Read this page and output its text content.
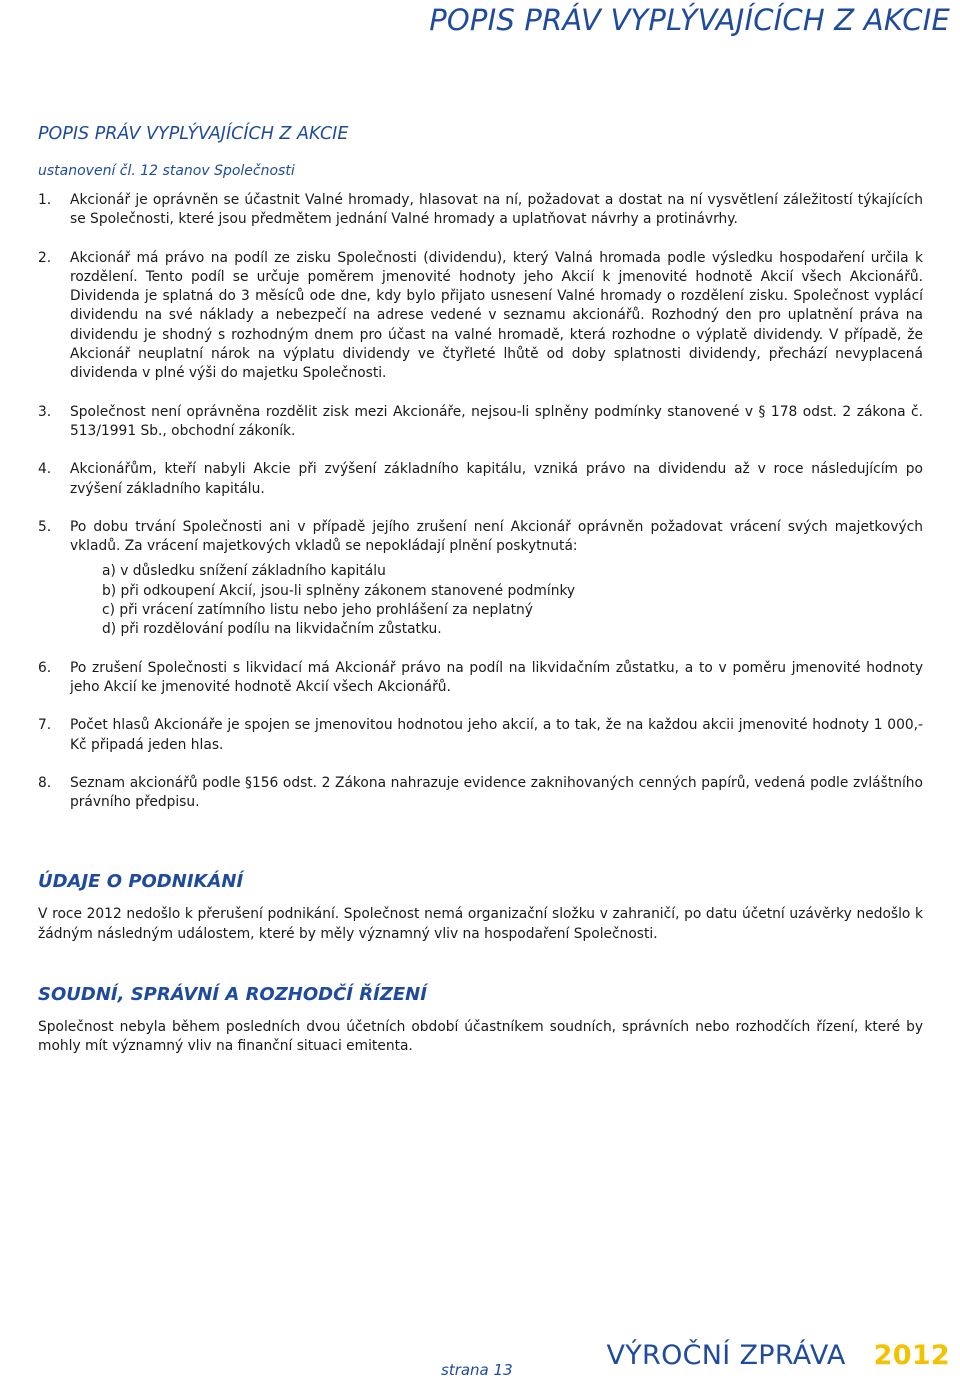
POPIS PRÁV VYPLÝVAJÍCÍCH Z AKCIE
POPIS PRÁV VYPLÝVAJÍCÍCH Z AKCIE
ustanovení čl. 12 stanov Společnosti
1. Akcionář je oprávněn se účastnit Valné hromady, hlasovat na ní, požadovat a dostat na ní vysvětlení záležitostí týkajících se Společnosti, které jsou předmětem jednání Valné hromady a uplatňovat návrhy a protinávrhy.
2. Akcionář má právo na podíl ze zisku Společnosti (dividendu), který Valná hromada podle výsledku hospodaření určila k rozdělení. Tento podíl se určuje poměrem jmenovité hodnoty jeho Akcií k jmenovité hodnotě Akcií všech Akcionářů. Dividenda je splatná do 3 měsíců ode dne, kdy bylo přijato usnesení Valné hromady o rozdělení zisku. Společnost vyplácí dividendu na své náklady a nebezpečí na adrese vedené v seznamu akcionářů. Rozhodný den pro uplatnění práva na dividendu je shodný s rozhodným dnem pro účast na valné hromadě, která rozhodne o výplatě dividendy. V případě, že Akcionář neuplatní nárok na výplatu dividendy ve čtyřleté lhůtě od doby splatnosti dividendy, přechází nevyplacená dividenda v plné výši do majetku Společnosti.
3. Společnost není oprávněna rozdělit zisk mezi Akcionáře, nejsou-li splněny podmínky stanovené v § 178 odst. 2 zákona č. 513/1991 Sb., obchodní zákoník.
4. Akcionářům, kteří nabyli Akcie při zvýšení základního kapitálu, vzniká právo na dividendu až v roce následujícím po zvýšení základního kapitálu.
5. Po dobu trvání Společnosti ani v případě jejího zrušení není Akcionář oprávněn požadovat vrácení svých majetkových vkladů. Za vrácení majetkových vkladů se nepokládají plnění poskytnutá:
a) v důsledku snížení základního kapitálu
b) při odkoupení Akcií, jsou-li splněny zákonem stanovené podmínky
c) při vrácení zatímního listu nebo jeho prohlášení za neplatný
d) při rozdělování podílu na likvidačním zůstatku.
6. Po zrušení Společnosti s likvidací má Akcionář právo na podíl na likvidačním zůstatku, a to v poměru jmenovité hodnoty jeho Akcií ke jmenovité hodnotě Akcií všech Akcionářů.
7. Počet hlasů Akcionáře je spojen se jmenovitou hodnotou jeho akcií, a to tak, že na každou akcii jmenovité hodnoty 1 000,- Kč připadá jeden hlas.
8. Seznam akcionářů podle §156 odst. 2 Zákona nahrazuje evidence zaknihovaných cenných papírů, vedená podle zvláštního právního předpisu.
ÚDAJE O PODNIKÁNÍ

V roce 2012 nedošlo k přerušení podnikání. Společnost nemá organizační složku v zahraničí, po datu účetní uzávěrky nedošlo k žádným následným událostem, které by měly významný vliv na hospodaření Společnosti.

SOUDNÍ, SPRÁVNÍ A ROZHODČÍ ŘÍZENÍ

Společnost nebyla během posledních dvou účetních období účastníkem soudních, správních nebo rozhodčích řízení, které by mohly mít významný vliv na finanční situaci emitenta.

strana 13	VÝROČNÍ ZPRÁVA 2012
